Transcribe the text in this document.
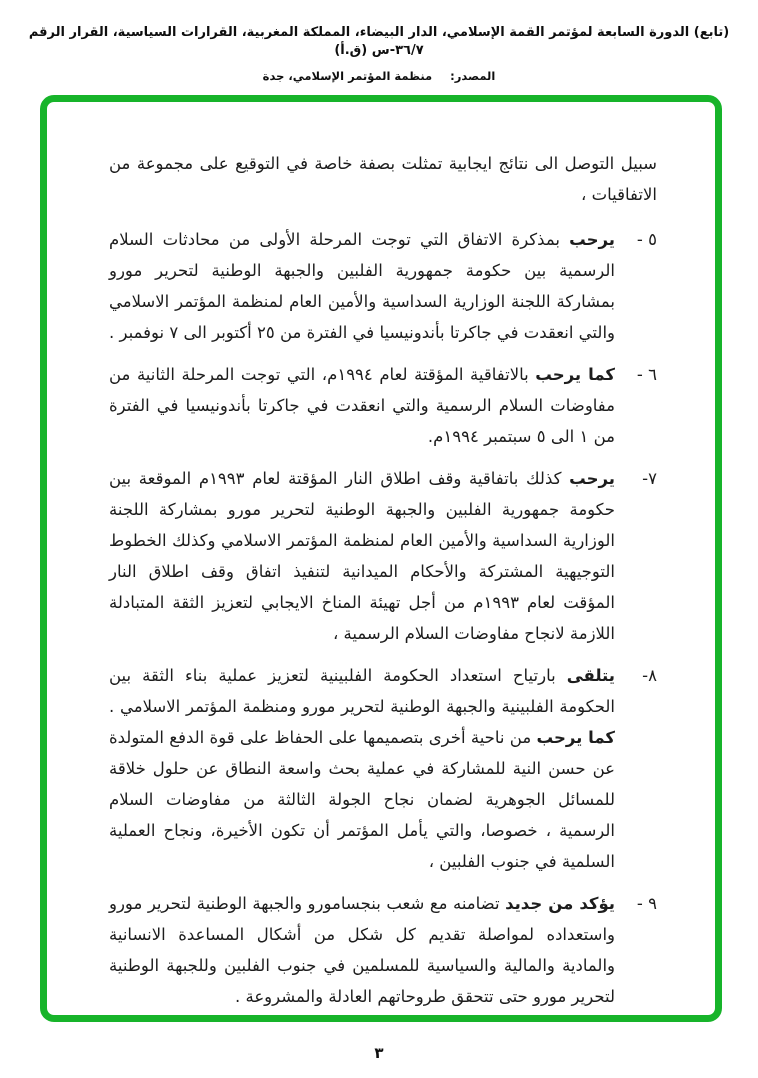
(تابع) الدورة السابعة لمؤتمر القمة الإسلامي، الدار البيضاء، المملكة المغربية، القرارات السياسية، القرار الرقم ٣٦/٧-س (ق.أ)
المصدر: منظمة المؤتمر الإسلامي، جدة

سبيل التوصل الى نتائج ايجابية تمثلت بصفة خاصة في التوقيع على مجموعة من الاتفاقيات ،

٥ -
يرحب بمذكرة الاتفاق التي توجت المرحلة الأولى من محادثات السلام الرسمية بين حكومة جمهورية الفلبين والجبهة الوطنية لتحرير مورو بمشاركة اللجنة الوزارية السداسية والأمين العام لمنظمة المؤتمر الاسلامي والتي انعقدت في جاكرتا بأندونيسيا في الفترة من ٢٥ أكتوبر الى ٧ نوفمبر .
٦ -
كما يرحب بالاتفاقية المؤقتة لعام ١٩٩٤م، التي توجت المرحلة الثانية من مفاوضات السلام الرسمية والتي انعقدت في جاكرتا بأندونيسيا في الفترة من ١ الى ٥ سبتمبر ١٩٩٤م.
٧-
يرحب كذلك باتفاقية وقف اطلاق النار المؤقتة لعام ١٩٩٣م الموقعة بين حكومة جمهورية الفلبين والجبهة الوطنية لتحرير مورو بمشاركة اللجنة الوزارية السداسية والأمين العام لمنظمة المؤتمر الاسلامي وكذلك الخطوط التوجيهية المشتركة والأحكام الميدانية لتنفيذ اتفاق وقف اطلاق النار المؤقت لعام ١٩٩٣م من أجل تهيئة المناخ الايجابي لتعزيز الثقة المتبادلة اللازمة لانجاح مفاوضات السلام الرسمية ،
٨-
يتلقى بارتياح استعداد الحكومة الفلبينية لتعزيز عملية بناء الثقة بين الحكومة الفلبينية والجبهة الوطنية لتحرير مورو ومنظمة المؤتمر الاسلامي . كما يرحب من ناحية أخرى بتصميمها على الحفاظ على قوة الدفع المتولدة عن حسن النية للمشاركة في عملية بحث واسعة النطاق عن حلول خلاقة للمسائل الجوهرية لضمان نجاح الجولة الثالثة من مفاوضات السلام الرسمية ، خصوصا، والتي يأمل المؤتمر أن تكون الأخيرة، ونجاح العملية السلمية في جنوب الفلبين ،
٩ -
يؤكد من جديد تضامنه مع شعب بنجسامورو والجبهة الوطنية لتحرير مورو واستعداده لمواصلة تقديم كل شكل من أشكال المساعدة الانسانية والمادية والمالية والسياسية للمسلمين في جنوب الفلبين وللجبهة الوطنية لتحرير مورو حتى تتحقق طروحاتهم العادلة والمشروعة .
٣
